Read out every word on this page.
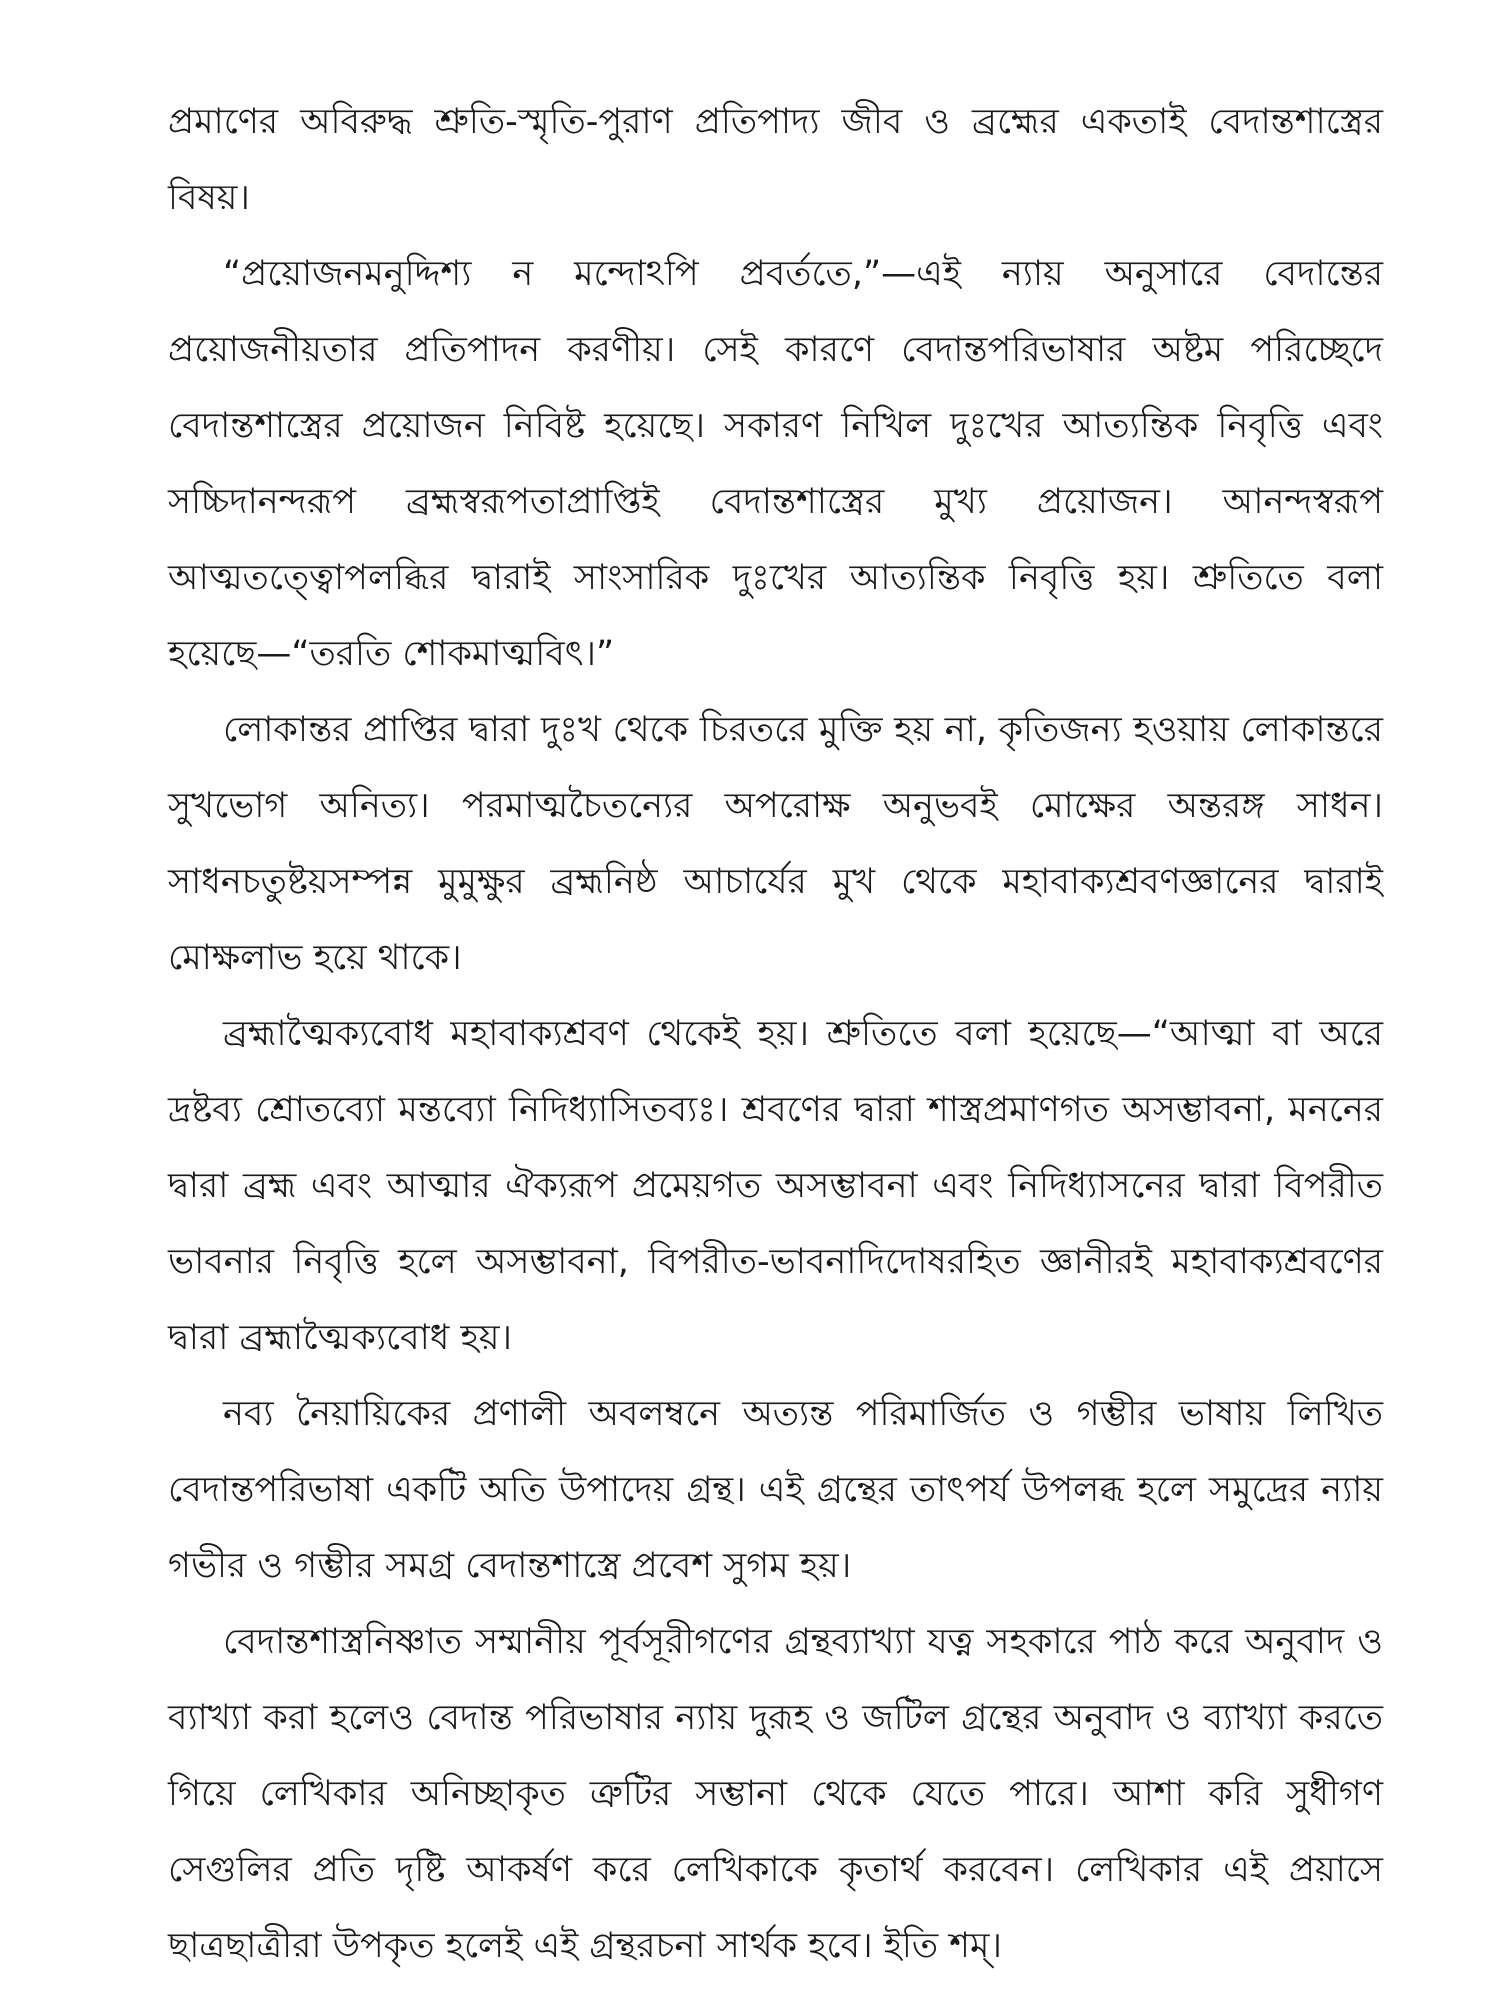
প্রমাণের অবিরুদ্ধ শ্রুতি-স্মৃতি-পুরাণ প্রতিপাদ্য জীব ও ব্রহ্মের একতাই বেদান্তশাস্ত্রের বিষয়।

“প্রয়োজনমনুদ্দিশ্য ন মন্দোঽপি প্রবর্ততে,”—এই ন্যায় অনুসারে বেদান্তের প্রয়োজনীয়তার প্রতিপাদন করণীয়। সেই কারণে বেদান্তপরিভাষার অষ্টম পরিচ্ছেদে বেদান্তশাস্ত্রের প্রয়োজন নিবিষ্ট হয়েছে। সকারণ নিখিল দুঃখের আত্যন্তিক নিবৃত্তি এবং সচ্চিদানন্দরূপ ব্রহ্মস্বরূপতাপ্রাপ্তিই বেদান্তশাস্ত্রের মুখ্য প্রয়োজন। আনন্দস্বরূপ আত্মতত্ত্বোপলব্ধির দ্বারাই সাংসারিক দুঃখের আত্যন্তিক নিবৃত্তি হয়। শ্রুতিতে বলা হয়েছে—“তরতি শোকমাত্মবিৎ।”

লোকান্তর প্রাপ্তির দ্বারা দুঃখ থেকে চিরতরে মুক্তি হয় না, কৃতিজন্য হওয়ায় লোকান্তরে সুখভোগ অনিত্য। পরমাত্মচৈতন্যের অপরোক্ষ অনুভবই মোক্ষের অন্তরঙ্গ সাধন। সাধনচতুষ্টয়সম্পন্ন মুমুক্ষুর ব্রহ্মনিষ্ঠ আচার্যের মুখ থেকে মহাবাক্যশ্রবণজ্ঞানের দ্বারাই মোক্ষলাভ হয়ে থাকে।

ব্রহ্মাত্মৈক্যবোধ মহাবাক্যশ্রবণ থেকেই হয়। শ্রুতিতে বলা হয়েছে—“আত্মা বা অরে দ্রষ্টব্য শ্রোতব্যো মন্তব্যো নিদিধ্যাসিতব্যঃ। শ্রবণের দ্বারা শাস্ত্রপ্রমাণগত অসম্ভাবনা, মননের দ্বারা ব্রহ্ম এবং আত্মার ঐক্যরূপ প্রমেয়গত অসম্ভাবনা এবং নিদিধ্যাসনের দ্বারা বিপরীত ভাবনার নিবৃত্তি হলে অসম্ভাবনা, বিপরীত-ভাবনাদিদোষরহিত জ্ঞানীরই মহাবাক্যশ্রবণের দ্বারা ব্রহ্মাত্মৈক্যবোধ হয়।

নব্য নৈয়ায়িকের প্রণালী অবলম্বনে অত্যন্ত পরিমার্জিত ও গম্ভীর ভাষায় লিখিত বেদান্তপরিভাষা একটি অতি উপাদেয় গ্রন্থ। এই গ্রন্থের তাৎপর্য উপলব্ধ হলে সমুদ্রের ন্যায় গভীর ও গম্ভীর সমগ্র বেদান্তশাস্ত্রে প্রবেশ সুগম হয়।

বেদান্তশাস্ত্রনিষ্ণাত সম্মানীয় পূর্বসূরীগণের গ্রন্থব্যাখ্যা যত্ন সহকারে পাঠ করে অনুবাদ ও ব্যাখ্যা করা হলেও বেদান্ত পরিভাষার ন্যায় দুরূহ ও জটিল গ্রন্থের অনুবাদ ও ব্যাখ্যা করতে গিয়ে লেখিকার অনিচ্ছাকৃত ত্রুটির সম্ভানা থেকে যেতে পারে। আশা করি সুধীগণ সেগুলির প্রতি দৃষ্টি আকর্ষণ করে লেখিকাকে কৃতার্থ করবেন। লেখিকার এই প্রয়াসে ছাত্রছাত্রীরা উপকৃত হলেই এই গ্রন্থরচনা সার্থক হবে। ইতি শম্।
